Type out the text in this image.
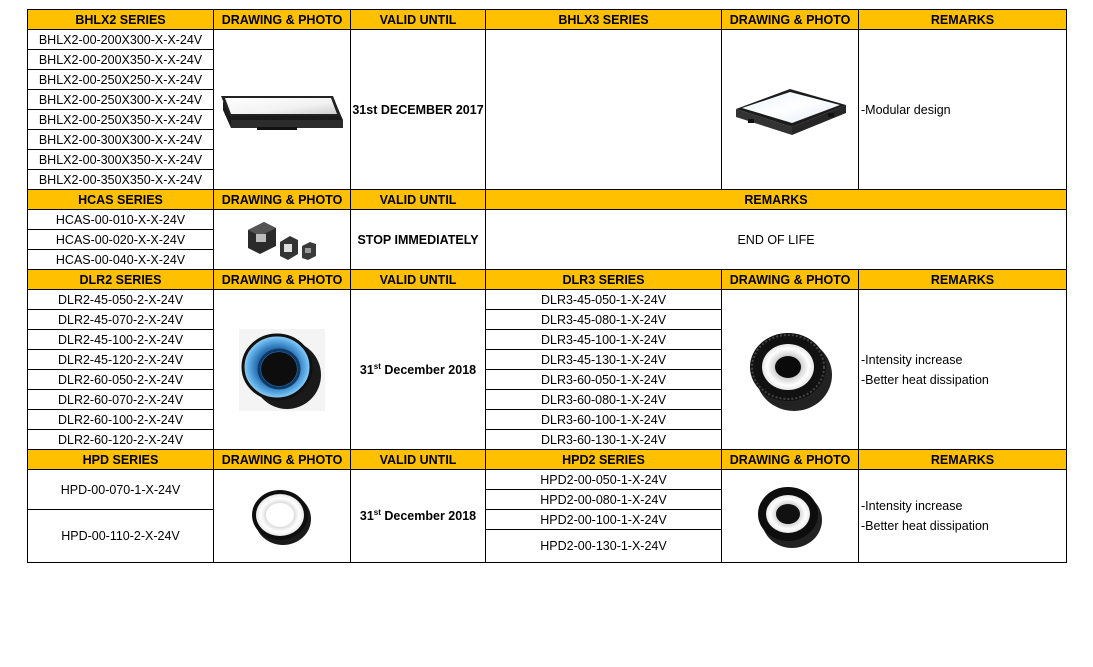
BHLX2 SERIES	DRAWING & PHOTO	VALID UNTIL	BHLX3 SERIES	DRAWING & PHOTO	REMARKS
BHLX2-00-200X300-X-X-24V		31st DECEMBER 2017			-Modular design

BHLX2-00-200X350-X-X-24V					
BHLX2-00-250X250-X-X-24V					
BHLX2-00-250X300-X-X-24V					
BHLX2-00-250X350-X-X-24V					
BHLX2-00-300X300-X-X-24V					
BHLX2-00-300X350-X-X-24V					
BHLX2-00-350X350-X-X-24V					
HCAS SERIES	DRAWING & PHOTO	VALID UNTIL	REMARKS		
HCAS-00-010-X-X-24V		STOP IMMEDIATELY	END OF LIFE		
HCAS-00-020-X-X-24V					
HCAS-00-040-X-X-24V					
DLR2 SERIES	DRAWING & PHOTO	VALID UNTIL	DLR3 SERIES	DRAWING & PHOTO	REMARKS
DLR2-45-050-2-X-24V		31st December 2018	DLR3-45-050-1-X-24V		-Intensity increase
-Better heat dissipation

DLR2-45-070-2-X-24V			DLR3-45-080-1-X-24V		
DLR2-45-100-2-X-24V			DLR3-45-100-1-X-24V		
DLR2-45-120-2-X-24V			DLR3-45-130-1-X-24V		
DLR2-60-050-2-X-24V			DLR3-60-050-1-X-24V		
DLR2-60-070-2-X-24V			DLR3-60-080-1-X-24V		
DLR2-60-100-2-X-24V			DLR3-60-100-1-X-24V		
DLR2-60-120-2-X-24V			DLR3-60-130-1-X-24V		
HPD SERIES	DRAWING & PHOTO	VALID UNTIL	HPD2 SERIES	DRAWING & PHOTO	REMARKS
HPD-00-070-1-X-24V		31st December 2018	HPD2-00-050-1-X-24V		-Intensity increase
-Better heat dissipation

			HPD2-00-080-1-X-24V		
HPD-00-110-2-X-24V			HPD2-00-100-1-X-24V		
			HPD2-00-130-1-X-24V		
